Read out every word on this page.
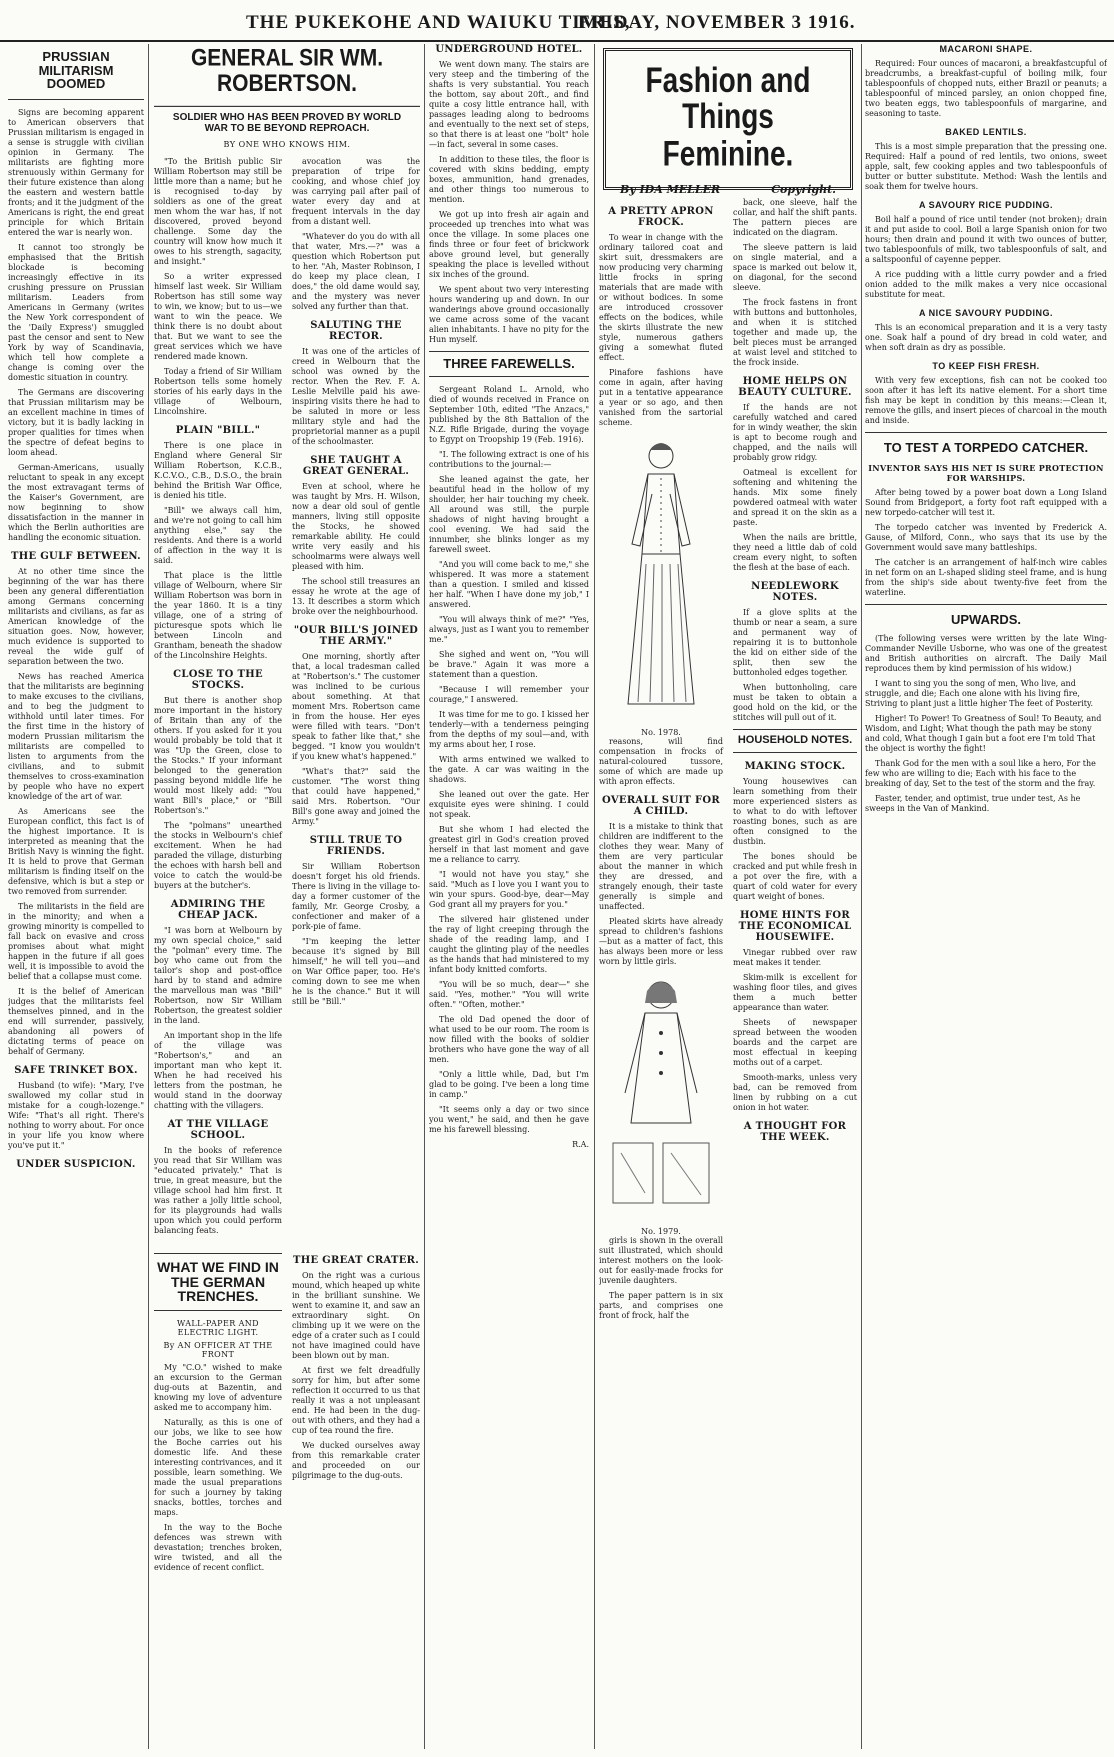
THE PUKEKOHE AND WAIUKU TIMES,
FRIDAY, NOVEMBER 3 1916.
PRUSSIAN MILITARISM DOOMED

Signs are becoming apparent to American observers that Prussian militarism is engaged in a sense is struggle with civilian opinion in Germany. The militarists are fighting more strenuously within Germany for their future existence than along the eastern and western battle fronts; and it the judgment of the Americans is right, the end great principle for which Britain entered the war is nearly won.

It cannot too strongly be emphasised that the British blockade is becoming increasingly effective in its crushing pressure on Prussian militarism. Leaders from Americans in Germany (writes the New York correspondent of the 'Daily Express') smuggled past the censor and sent to New York by way of Scandinavia, which tell how complete a change is coming over the domestic situation in country.

The Germans are discovering that Prussian militarism may be an excellent machine in times of victory, but it is badly lacking in proper qualities for times when the spectre of defeat begins to loom ahead.

German-Americans, usually reluctant to speak in any except the most extravagant terms of the Kaiser's Government, are now beginning to show dissatisfaction in the manner in which the Berlin authorities are handling the economic situation.

THE GULF BETWEEN.

At no other time since the beginning of the war has there been any general differentiation among Germans concerning militarists and civilians, as far as American knowledge of the situation goes. Now, however, much evidence is supported to reveal the wide gulf of separation between the two.

News has reached America that the militarists are beginning to make excuses to the civilians, and to beg the judgment to withhold until later times. For the first time in the history of modern Prussian militarism the militarists are compelled to listen to arguments from the civilians, and to submit themselves to cross-examination by people who have no expert knowledge of the art of war.

As Americans see the European conflict, this fact is of the highest importance. It is interpreted as meaning that the British Navy is winning the fight. It is held to prove that German militarism is finding itself on the defensive, which is but a step or two removed from surrender.

The militarists in the field are in the minority; and when a growing minority is compelled to fall back on evasive and cross promises about what might happen in the future if all goes well, it is impossible to avoid the belief that a collapse must come.

It is the belief of American judges that the militarists feel themselves pinned, and in the end will surrender, passively, abandoning all powers of dictating terms of peace on behalf of Germany.

SAFE TRINKET BOX.

Husband (to wife): "Mary, I've swallowed my collar stud in mistake for a cough-lozenge." Wife: "That's all right. There's nothing to worry about. For once in your life you know where you've put it."

UNDER SUSPICION.
GENERAL SIR WM. ROBERTSON.
SOLDIER WHO HAS BEEN PROVED BY WORLD WAR TO BE BEYOND REPROACH.
BY ONE WHO KNOWS HIM.

"To the British public Sir William Robertson may still be little more than a name; but he is recognised to-day by soldiers as one of the great men whom the war has, if not discovered, proved beyond challenge. Some day the country will know how much it owes to his strength, sagacity, and insight."

So a writer expressed himself last week. Sir William Robertson has still some way to win, we know; but to us—we want to win the peace. We think there is no doubt about that. But we want to see the great services which we have rendered made known.

Today a friend of Sir William Robertson tells some homely stories of his early days in the village of Welbourn, Lincolnshire.

PLAIN "BILL."

There is one place in England where General Sir William Robertson, K.C.B., K.C.V.O., C.B., D.S.O., the brain behind the British War Office, is denied his title.

"Bill" we always call him, and we're not going to call him anything else," say the residents. And there is a world of affection in the way it is said.

That place is the little village of Welbourn, where Sir William Robertson was born in the year 1860. It is a tiny village, one of a string of picturesque spots which lie between Lincoln and Grantham, beneath the shadow of the Lincolnshire Heights.

CLOSE TO THE STOCKS.

But there is another shop more important in the history of Britain than any of the others. If you asked for it you would probably be told that it was "Up the Green, close to the Stocks." If your informant belonged to the generation passing beyond middle life he would most likely add: "You want Bill's place," or "Bill Robertson's."

The "polmans" unearthed the stocks in Welbourn's chief excitement. When he had paraded the village, disturbing the echoes with harsh bell and voice to catch the would-be buyers at the butcher's.

ADMIRING THE CHEAP JACK.

"I was born at Welbourn by my own special choice," said the "polman" every time. The boy who came out from the tailor's shop and post-office hard by to stand and admire the marvellous man was "Bill" Robertson, now Sir William Robertson, the greatest soldier in the land.

An important shop in the life of the village was "Robertson's," and an important man who kept it. When he had received his letters from the postman, he would stand in the doorway chatting with the villagers.

AT THE VILLAGE SCHOOL.

In the books of reference you read that Sir William was "educated privately." That is true, in great measure, but the village school had him first. It was rather a jolly little school, for its playgrounds had walls upon which you could perform balancing feats.

avocation was the preparation of tripe for cooking, and whose chief joy was carrying pail after pail of water every day and at frequent intervals in the day from a distant well.

"Whatever do you do with all that water, Mrs.—?" was a question which Robertson put to her. "Ah, Master Robinson, I do keep my place clean, I does," the old dame would say, and the mystery was never solved any further than that.

SALUTING THE RECTOR.

It was one of the articles of creed in Welbourn that the school was owned by the rector. When the Rev. F. A. Leslie Melville paid his awe-inspiring visits there he had to be saluted in more or less military style and had the proprietorial manner as a pupil of the schoolmaster.

SHE TAUGHT A GREAT GENERAL.

Even at school, where he was taught by Mrs. H. Wilson, now a dear old soul of gentle manners, living still opposite the Stocks, he showed remarkable ability. He could write very easily and his schoolmarms were always well pleased with him.

The school still treasures an essay he wrote at the age of 13. It describes a storm which broke over the neighbourhood.

"OUR BILL'S JOINED THE ARMY."

One morning, shortly after that, a local tradesman called at "Robertson's." The customer was inclined to be curious about something. At that moment Mrs. Robertson came in from the house. Her eyes were filled with tears. "Don't speak to father like that," she begged. "I know you wouldn't if you knew what's happened."

"What's that?" said the customer. "The worst thing that could have happened," said Mrs. Robertson. "Our Bill's gone away and joined the Army."

STILL TRUE TO FRIENDS.

Sir William Robertson doesn't forget his old friends. There is living in the village to-day a former customer of the family, Mr. George Crosby, a confectioner and maker of a pork-pie of fame.

"I'm keeping the letter because it's signed by Bill himself," he will tell you—and on War Office paper, too. He's coming down to see me when he is the chance." But it will still be "Bill."

WHAT WE FIND IN THE GERMAN TRENCHES.
WALL-PAPER AND ELECTRIC LIGHT.
By AN OFFICER AT THE FRONT

My "C.O." wished to make an excursion to the German dug-outs at Bazentin, and knowing my love of adventure asked me to accompany him.

Naturally, as this is one of our jobs, we like to see how the Boche carries out his domestic life. And these interesting contrivances, and it possible, learn something. We made the usual preparations for such a journey by taking snacks, bottles, torches and maps.

In the way to the Boche defences was strewn with devastation; trenches broken, wire twisted, and all the evidence of recent conflict.

THE GREAT CRATER.

On the right was a curious mound, which heaped up white in the brilliant sunshine. We went to examine it, and saw an extraordinary sight. On climbing up it we were on the edge of a crater such as I could not have imagined could have been blown out by man.

At first we felt dreadfully sorry for him, but after some reflection it occurred to us that really it was a not unpleasant end. He had been in the dug-out with others, and they had a cup of tea round the fire.

We ducked ourselves away from this remarkable crater and proceeded on our pilgrimage to the dug-outs.

UNDERGROUND HOTEL.

We went down many. The stairs are very steep and the timbering of the shafts is very substantial. You reach the bottom, say about 20ft., and find quite a cosy little entrance hall, with passages leading along to bedrooms and eventually to the next set of steps, so that there is at least one "bolt" hole—in fact, several in some cases.

In addition to these tiles, the floor is covered with skins bedding, empty boxes, ammunition, hand grenades, and other things too numerous to mention.

We got up into fresh air again and proceeded up trenches into what was once the village. In some places one finds three or four feet of brickwork above ground level, but generally speaking the place is levelled without six inches of the ground.

We spent about two very interesting hours wandering up and down. In our wanderings above ground occasionally we came across some of the vacant alien inhabitants. I have no pity for the Hun myself.

THREE FAREWELLS.

Sergeant Roland L. Arnold, who died of wounds received in France on September 10th, edited "The Anzacs," published by the 8th Battalion of the N.Z. Rifle Brigade, during the voyage to Egypt on Troopship 19 (Feb. 1916).

"I. The following extract is one of his contributions to the journal:—

She leaned against the gate, her beautiful head in the hollow of my shoulder, her hair touching my cheek. All around was still, the purple shadows of night having brought a cool evening. We had said the innumber, she blinks longer as my farewell sweet.

"And you will come back to me," she whispered. It was more a statement than a question. I smiled and kissed her half. "When I have done my job," I answered.

"You will always think of me?" "Yes, always, just as I want you to remember me."

She sighed and went on, "You will be brave." Again it was more a statement than a question.

"Because I will remember your courage," I answered.

It was time for me to go. I kissed her tenderly—with a tenderness peinging from the depths of my soul—and, with my arms about her, I rose.

With arms entwined we walked to the gate. A car was waiting in the shadows.

She leaned out over the gate. Her exquisite eyes were shining. I could not speak.

But she whom I had elected the greatest girl in God's creation proved herself in that last moment and gave me a reliance to carry.

"I would not have you stay," she said. "Much as I love you I want you to win your spurs. Good-bye, dear—May God grant all my prayers for you."

The silvered hair glistened under the ray of light creeping through the shade of the reading lamp, and I caught the glinting play of the needles as the hands that had ministered to my infant body knitted comforts.

"You will be so much, dear—" she said. "Yes, mother." "You will write often." "Often, mother."

The old Dad opened the door of what used to be our room. The room is now filled with the books of soldier brothers who have gone the way of all men.

"Only a little while, Dad, but I'm glad to be going. I've been a long time in camp."

"It seems only a day or two since you went," he said, and then he gave me his farewell blessing.

R.A.
Fashion and Things Feminine.
By IDA MELLER	Copyright.
A PRETTY APRON FROCK.

To wear in change with the ordinary tailored coat and skirt suit, dressmakers are now producing very charming little frocks in spring materials that are made with or without bodices. In some are introduced crossover effects on the bodices, while the skirts illustrate the new style, numerous gathers giving a somewhat fluted effect.

Pinafore fashions have come in again, after having put in a tentative appearance a year or so ago, and then vanished from the sartorial scheme.

No. 1978.

reasons, will find compensation in frocks of natural-coloured tussore, some of which are made up with apron effects.

OVERALL SUIT FOR A CHILD.

It is a mistake to think that children are indifferent to the clothes they wear. Many of them are very particular about the manner in which they are dressed, and strangely enough, their taste generally is simple and unaffected.

Pleated skirts have already spread to children's fashions—but as a matter of fact, this has always been more or less worn by little girls.

No. 1979.

girls is shown in the overall suit illustrated, which should interest mothers on the look-out for easily-made frocks for juvenile daughters.

The paper pattern is in six parts, and comprises one front of frock, half the

back, one sleeve, half the collar, and half the shift pants. The pattern pieces are indicated on the diagram.

The sleeve pattern is laid on single material, and a space is marked out below it, on diagonal, for the second sleeve.

The frock fastens in front with buttons and buttonholes, and when it is stitched together and made up, the belt pieces must be arranged at waist level and stitched to the frock inside.

HOME HELPS ON BEAUTY CULTURE.

If the hands are not carefully watched and cared for in windy weather, the skin is apt to become rough and chapped, and the nails will probably grow ridgy.

Oatmeal is excellent for softening and whitening the hands. Mix some finely powdered oatmeal with water and spread it on the skin as a paste.

When the nails are brittle, they need a little dab of cold cream every night, to soften the flesh at the base of each.

NEEDLEWORK NOTES.

If a glove splits at the thumb or near a seam, a sure and permanent way of repairing it is to buttonhole the kid on either side of the split, then sew the buttonholed edges together.

When buttonholing, care must be taken to obtain a good hold on the kid, or the stitches will pull out of it.

HOUSEHOLD NOTES.
MAKING STOCK.

Young housewives can learn something from their more experienced sisters as to what to do with leftover roasting bones, such as are often consigned to the dustbin.

The bones should be cracked and put while fresh in a pot over the fire, with a quart of cold water for every quart weight of bones.

HOME HINTS FOR THE ECONOMICAL HOUSEWIFE.

Vinegar rubbed over raw meat makes it tender.

Skim-milk is excellent for washing floor tiles, and gives them a much better appearance than water.

Sheets of newspaper spread between the wooden boards and the carpet are most effectual in keeping moths out of a carpet.

Smooth-marks, unless very bad, can be removed from linen by rubbing on a cut onion in hot water.

A THOUGHT FOR THE WEEK.
MACARONI SHAPE.

Required: Four ounces of macaroni, a breakfastcupful of breadcrumbs, a breakfast-cupful of boiling milk, four tablespoonfuls of chopped nuts, either Brazil or peanuts; a tablespoonful of minced parsley, an onion chopped fine, two beaten eggs, two tablespoonfuls of margarine, and seasoning to taste.

BAKED LENTILS.

This is a most simple preparation that the pressing one. Required: Half a pound of red lentils, two onions, sweet apple, salt, few cooking apples and two tablespoonfuls of butter or butter substitute. Method: Wash the lentils and soak them for twelve hours.

A SAVOURY RICE PUDDING.

Boil half a pound of rice until tender (not broken); drain it and put aside to cool. Boil a large Spanish onion for two hours; then drain and pound it with two ounces of butter, two tablespoonfuls of milk, two tablespoonfuls of salt, and a saltspoonful of cayenne pepper.

A rice pudding with a little curry powder and a fried onion added to the milk makes a very nice occasional substitute for meat.

A NICE SAVOURY PUDDING.

This is an economical preparation and it is a very tasty one. Soak half a pound of dry bread in cold water, and when soft drain as dry as possible.

TO KEEP FISH FRESH.

With very few exceptions, fish can not be cooked too soon after it has left its native element. For a short time fish may be kept in condition by this means:—Clean it, remove the gills, and insert pieces of charcoal in the mouth and inside.

TO TEST A TORPEDO CATCHER.
INVENTOR SAYS HIS NET IS SURE PROTECTION FOR WARSHIPS.

After being towed by a power boat down a Long Island Sound from Bridgeport, a forty foot raft equipped with a new torpedo-catcher will test it.

The torpedo catcher was invented by Frederick A. Gause, of Milford, Conn., who says that its use by the Government would save many battleships.

The catcher is an arrangement of half-inch wire cables in net form on an L-shaped sliding steel frame, and is hung from the ship's side about twenty-five feet from the waterline.

UPWARDS.

(The following verses were written by the late Wing-Commander Neville Usborne, who was one of the greatest and British authorities on aircraft. The Daily Mail reproduces them by kind permission of his widow.)

I want to sing you the song of men, Who live, and struggle, and die; Each one alone with his living fire, Striving to plant just a little higher The feet of Posterity.

Higher! To Power! To Greatness of Soul! To Beauty, and Wisdom, and Light; What though the path may be stony and cold, What though I gain but a foot ere I'm told That the object is worthy the fight!

Thank God for the men with a soul like a hero, For the few who are willing to die; Each with his face to the breaking of day, Set to the test of the storm and the fray.

Faster, tender, and optimist, true under test, As he sweeps in the Van of Mankind.
